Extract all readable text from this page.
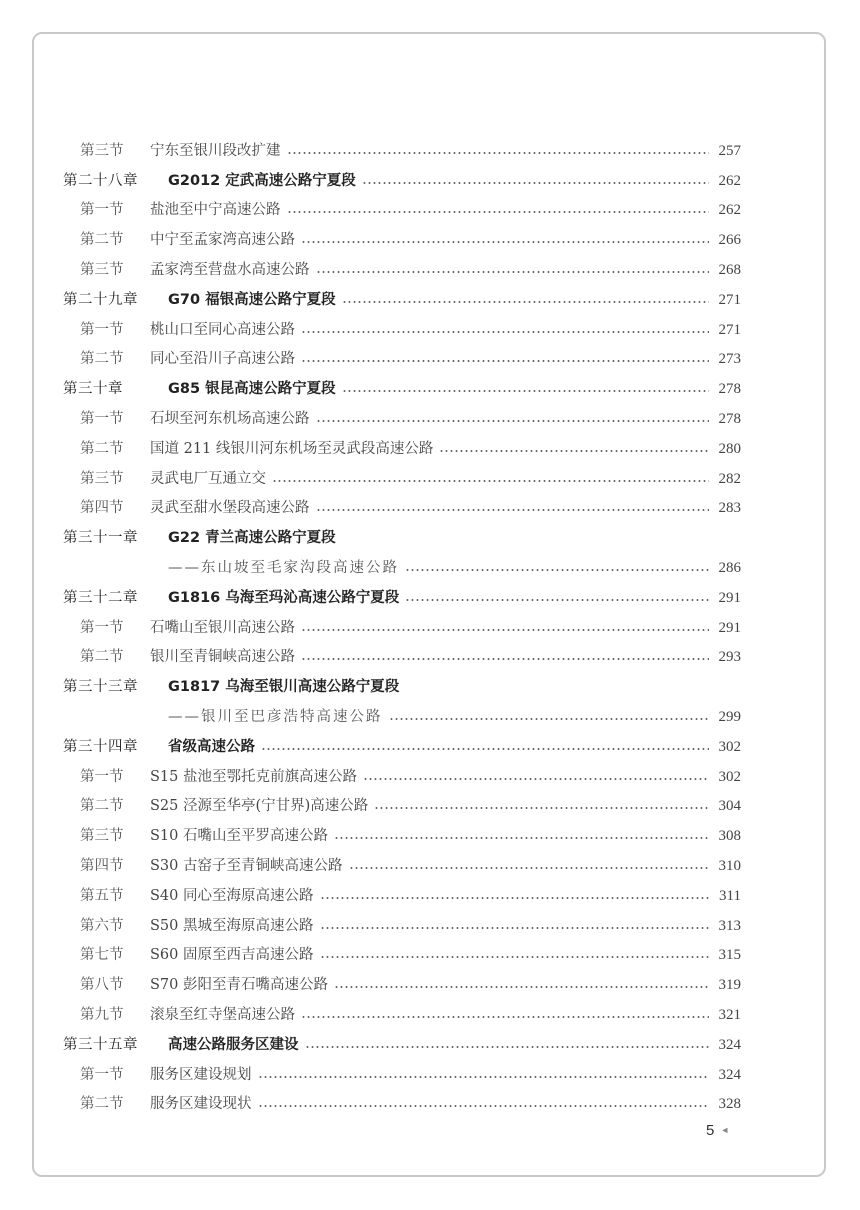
第三节	宁东至银川段改扩建	257
第二十八章	G2012 定武高速公路宁夏段	262
第一节	盐池至中宁高速公路	262
第二节	中宁至孟家湾高速公路	266
第三节	孟家湾至营盘水高速公路	268
第二十九章	G70 福银高速公路宁夏段	271
第一节	桃山口至同心高速公路	271
第二节	同心至沿川子高速公路	273
第三十章	G85 银昆高速公路宁夏段	278
第一节	石坝至河东机场高速公路	278
第二节	国道 211 线银川河东机场至灵武段高速公路	280
第三节	灵武电厂互通立交	282
第四节	灵武至甜水堡段高速公路	283
第三十一章	G22 青兰高速公路宁夏段
——东山坡至毛家沟段高速公路	286
第三十二章	G1816 乌海至玛沁高速公路宁夏段	291
第一节	石嘴山至银川高速公路	291
第二节	银川至青铜峡高速公路	293
第三十三章	G1817 乌海至银川高速公路宁夏段
——银川至巴彦浩特高速公路	299
第三十四章	省级高速公路	302
第一节	S15 盐池至鄂托克前旗高速公路	302
第二节	S25 泾源至华亭(宁甘界)高速公路	304
第三节	S10 石嘴山至平罗高速公路	308
第四节	S30 古窑子至青铜峡高速公路	310
第五节	S40 同心至海原高速公路	311
第六节	S50 黑城至海原高速公路	313
第七节	S60 固原至西吉高速公路	315
第八节	S70 彭阳至青石嘴高速公路	319
第九节	滚泉至红寺堡高速公路	321
第三十五章	高速公路服务区建设	324
第一节	服务区建设规划	324
第二节	服务区建设现状	328
5 ◄
